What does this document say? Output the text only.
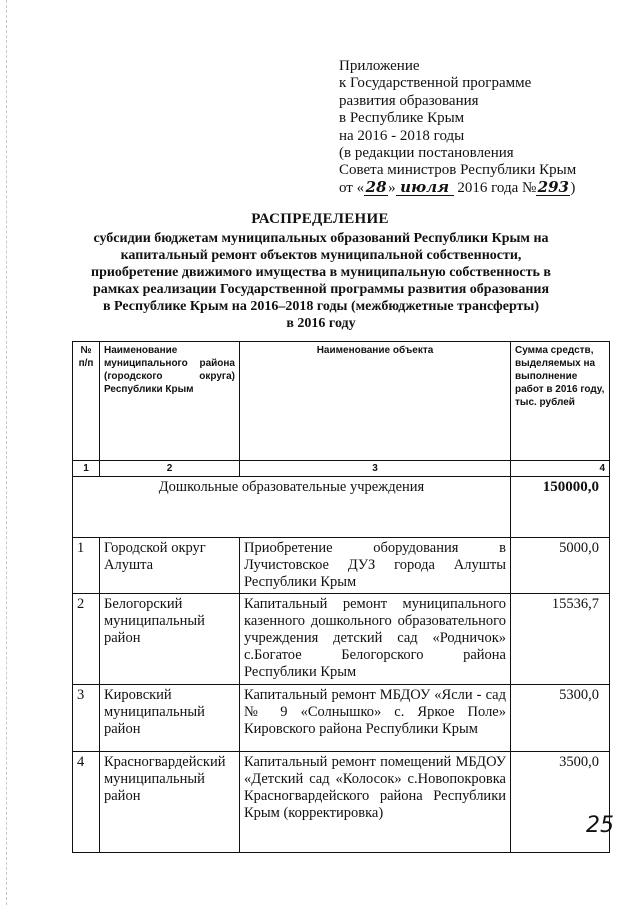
Приложение
к Государственной программе
развития образования
в Республике Крым
на 2016 - 2018 годы
(в редакции постановления
Совета министров Республики Крым
от « 28 » июля 2016 года №293)
РАСПРЕДЕЛЕНИЕ
субсидии бюджетам муниципальных образований Республики Крым на
капитальный ремонт объектов муниципальной собственности,
приобретение движимого имущества в муниципальную собственность в
рамках реализации Государственной программы развития образования
в Республике Крым на 2016–2018 годы (межбюджетные трансферты)
в 2016 году
№ п/п	Наименование муниципального района (городского округа) Республики Крым	Наименование объекта	Сумма средств, выделяемых на выполнение работ в 2016 году, тыс. рублей
1	2	3	4
Дошкольные образовательные учреждения			150000,0
1	Городской округ Алушта	Приобретение оборудования в Лучистовское ДУЗ города Алушты Республики Крым	5000,0
2	Белогорский муниципальный район	Капитальный ремонт муниципального казенного дошкольного образовательного учреждения детский сад «Родничок» с.Богатое Белогорского района Республики Крым	15536,7
3	Кировский муниципальный район	Капитальный ремонт МБДОУ «Ясли - сад № 9 «Солнышко» с. Яркое Поле» Кировского района Республики Крым	5300,0
4	Красногвардейский муниципальный район	Капитальный ремонт помещений МБДОУ «Детский сад «Колосок» с.Новопокровка Красногвардейского района Республики Крым (корректировка)	3500,0
25
